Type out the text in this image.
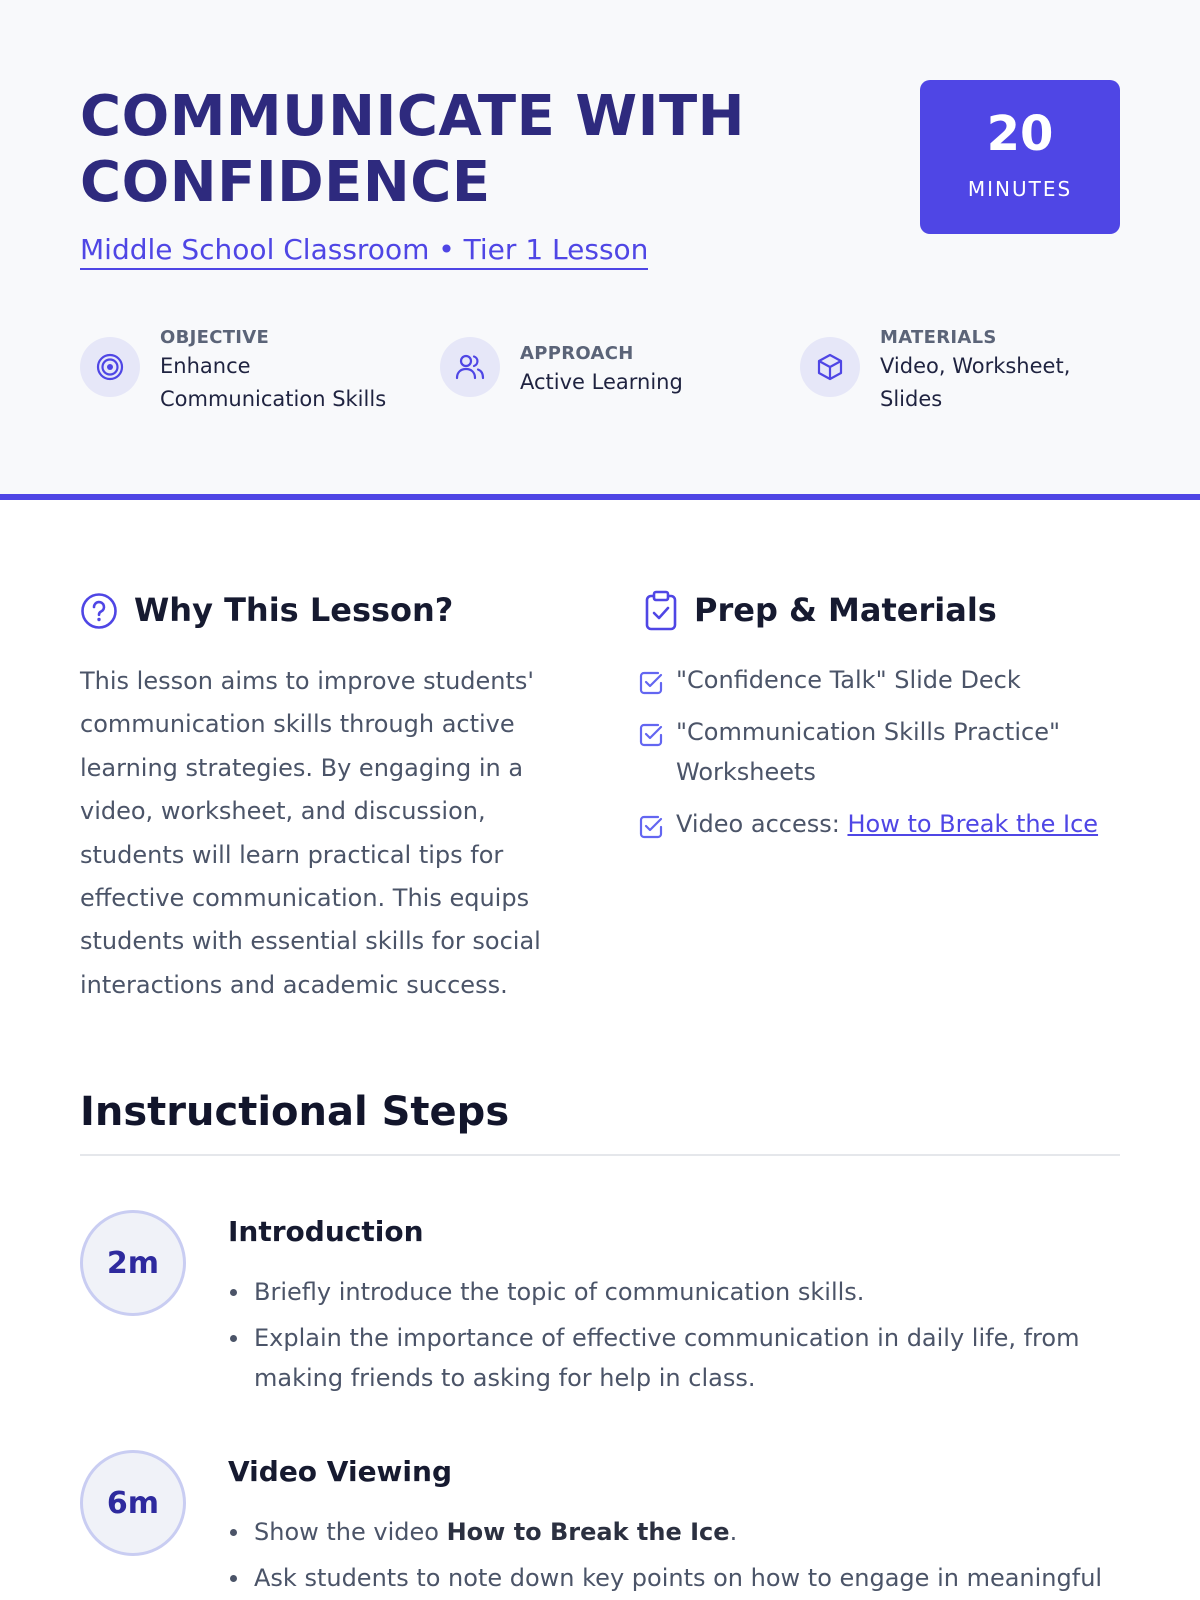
COMMUNICATE WITH
CONFIDENCE
Middle School Classroom • Tier 1 Lesson
20
MINUTES
OBJECTIVE
Enhance
Communication Skills
APPROACH
Active Learning
MATERIALS
Video, Worksheet,
Slides
Why This Lesson?
This lesson aims to improve students' communication skills through active learning strategies. By engaging in a video, worksheet, and discussion, students will learn practical tips for effective communication. This equips students with essential skills for social interactions and academic success.
Prep & Materials
"Confidence Talk" Slide Deck
"Communication Skills Practice" Worksheets
Video access: How to Break the Ice
Instructional Steps
2m
Introduction
Briefly introduce the topic of communication skills.
Explain the importance of effective communication in daily life, from making friends to asking for help in class.
6m
Video Viewing
Show the video How to Break the Ice.
Ask students to note down key points on how to engage in meaningful
